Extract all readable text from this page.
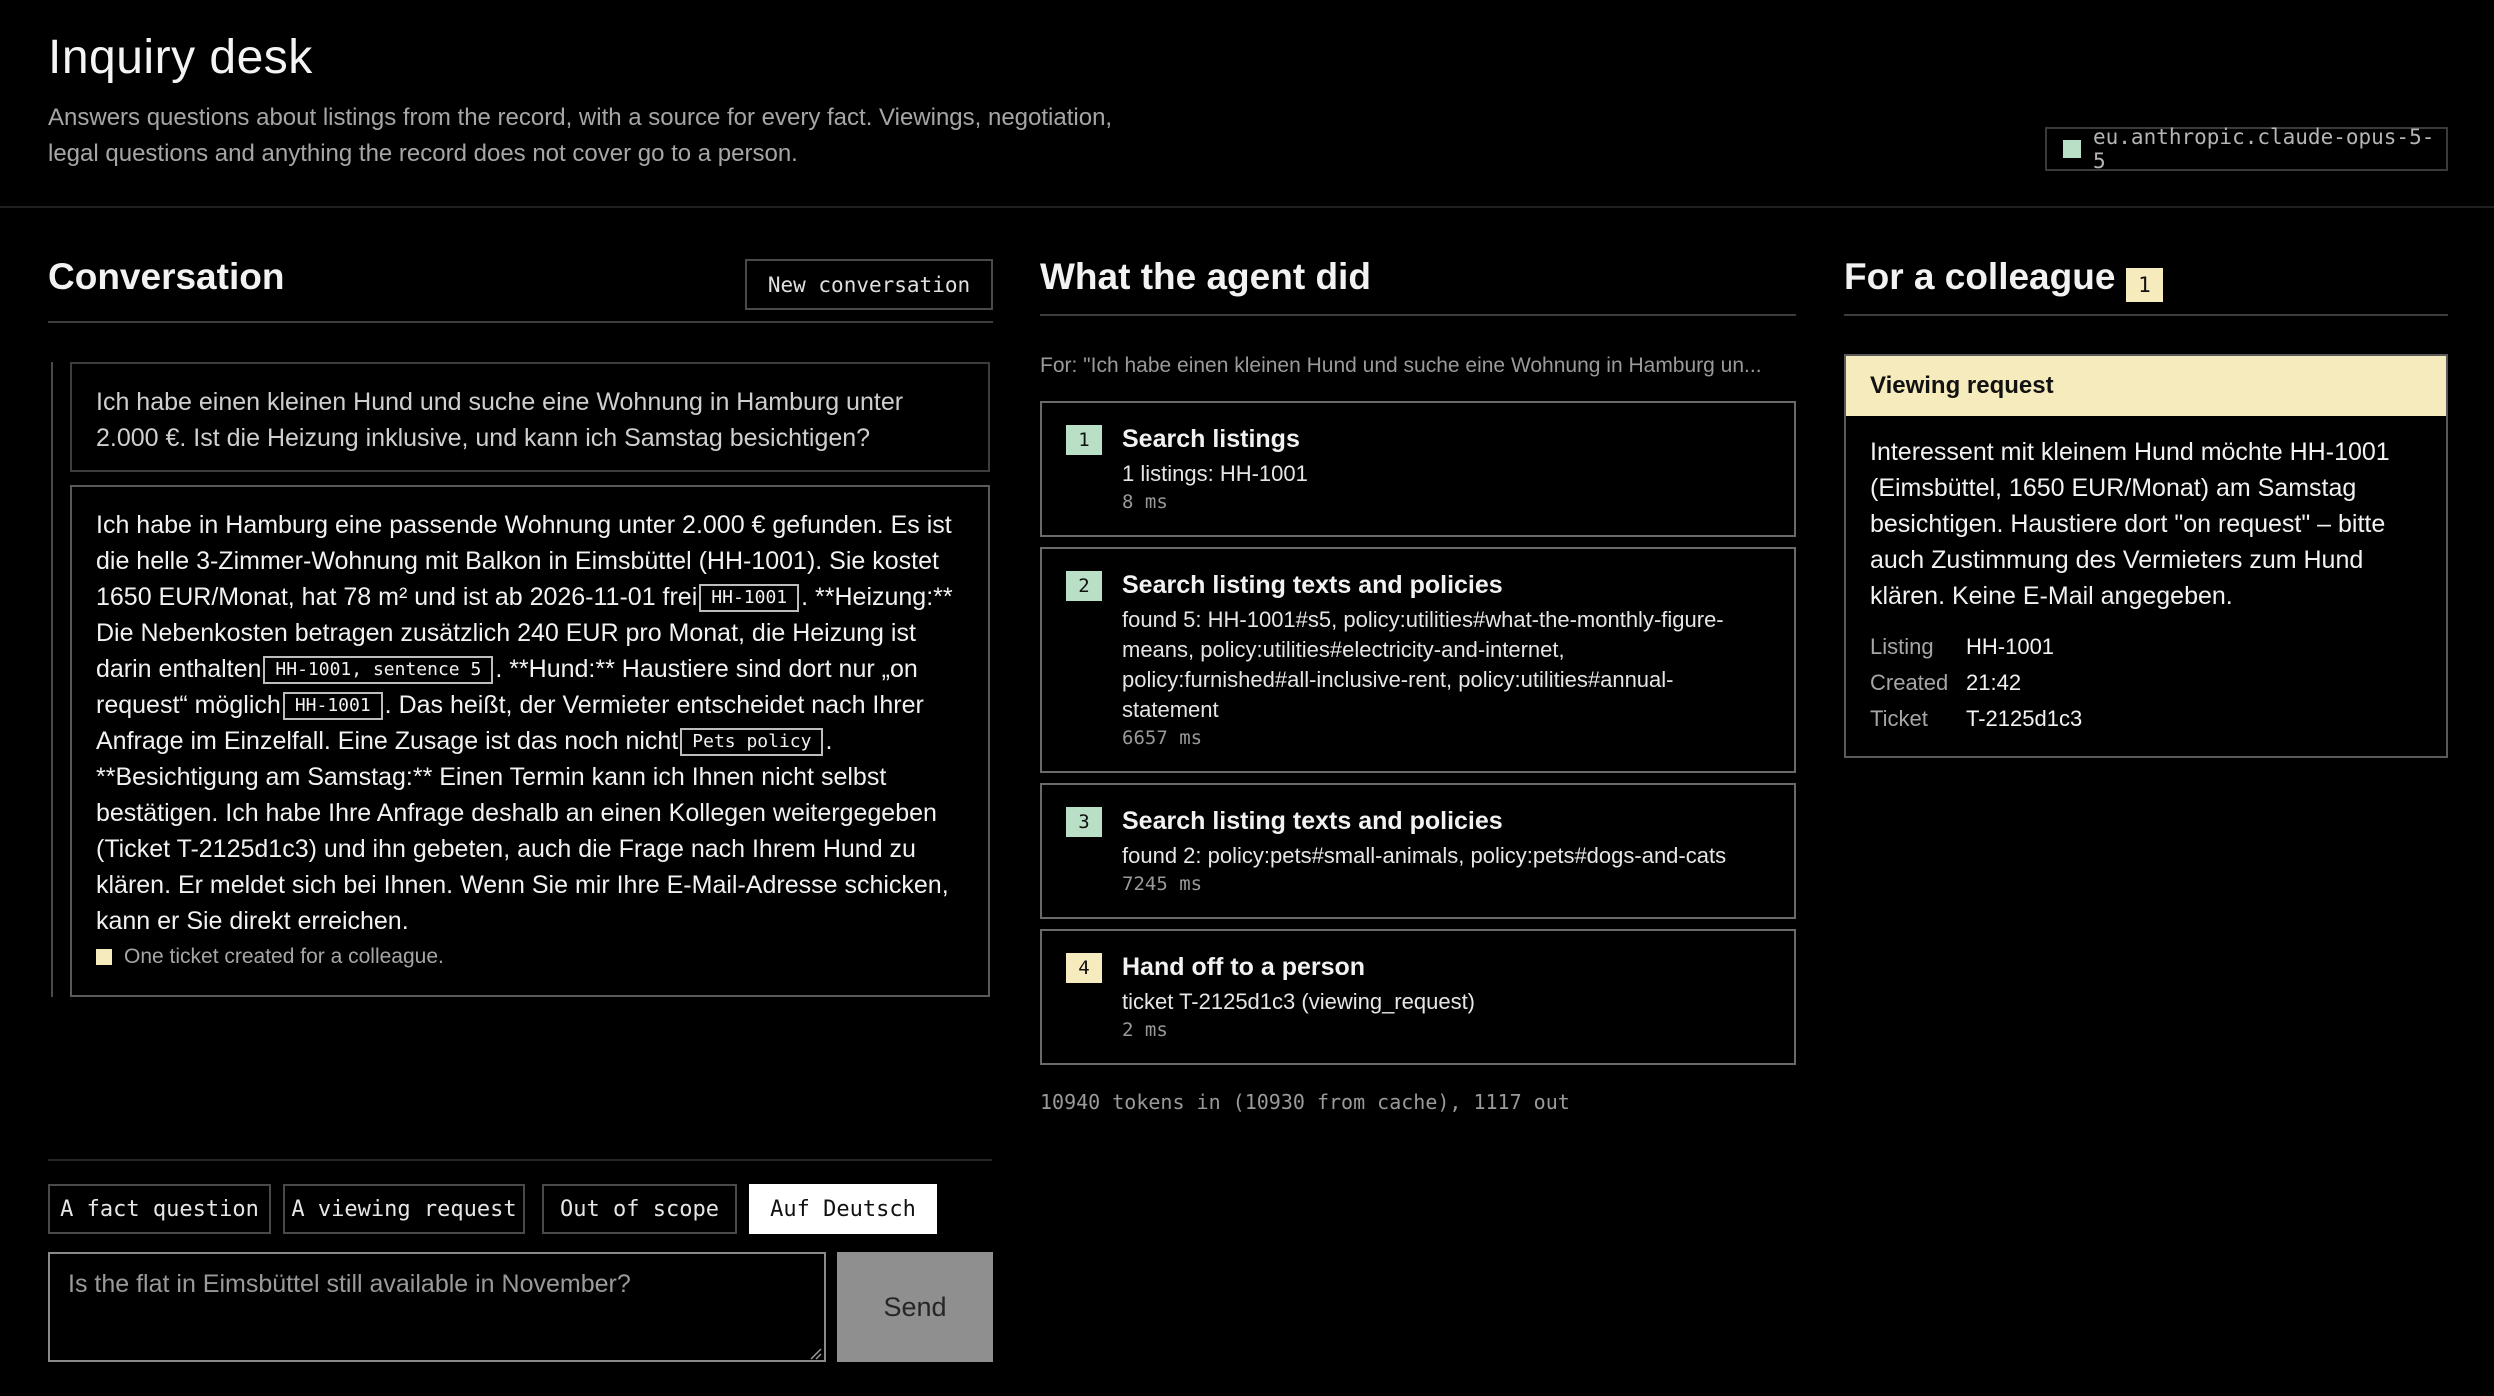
Inquiry desk

Answers questions about listings from the record, with a source for every fact. Viewings, negotiation, legal questions and anything the record does not cover go to a person.

eu.anthropic.claude-opus-5-5
Conversation	New conversation
Ich habe einen kleinen Hund und suche eine Wohnung in Hamburg unter 2.000 €. Ist die Heizung inklusive, und kann ich Samstag besichtigen?
Ich habe in Hamburg eine passende Wohnung unter 2.000 € gefunden. Es ist die helle 3-Zimmer-Wohnung mit Balkon in Eimsbüttel (HH-1001). Sie kostet 1650 EUR/Monat, hat 78 m² und ist ab 2026-11-01 frei HH-1001 . **Heizung:** Die Nebenkosten betragen zusätzlich 240 EUR pro Monat, die Heizung ist darin enthalten HH-1001, sentence 5 . **Hund:** Haustiere sind dort nur „on request“ möglich HH-1001 . Das heißt, der Vermieter entscheidet nach Ihrer Anfrage im Einzelfall. Eine Zusage ist das noch nicht Pets policy . **Besichtigung am Samstag:** Einen Termin kann ich Ihnen nicht selbst bestätigen. Ich habe Ihre Anfrage deshalb an einen Kollegen weitergegeben (Ticket T-2125d1c3) und ihn gebeten, auch die Frage nach Ihrem Hund zu klären. Er meldet sich bei Ihnen. Wenn Sie mir Ihre E-Mail-Adresse schicken, kann er Sie direkt erreichen.
One ticket created for a colleague.
A fact question	A viewing request	Out of scope	Auf Deutsch
Is the flat in Eimsbüttel still available in November?
Send
What the agent did
For: "Ich habe einen kleinen Hund und suche eine Wohnung in Hamburg un...
1	Search listings
1 listings: HH-1001
8 ms
2	Search listing texts and policies
found 5: HH-1001#s5, policy:utilities#what-the-monthly-figure-means, policy:utilities#electricity-and-internet, policy:furnished#all-inclusive-rent, policy:utilities#annual-statement
6657 ms
3	Search listing texts and policies
found 2: policy:pets#small-animals, policy:pets#dogs-and-cats
7245 ms
4	Hand off to a person
ticket T-2125d1c3 (viewing_request)
2 ms
10940 tokens in (10930 from cache), 1117 out
For a colleague	1
Viewing request
Interessent mit kleinem Hund möchte HH-1001 (Eimsbüttel, 1650 EUR/Monat) am Samstag besichtigen. Haustiere dort "on request" – bitte auch Zustimmung des Vermieters zum Hund klären. Keine E-Mail angegeben.
Listing HH-1001
Created 21:42
Ticket T-2125d1c3
